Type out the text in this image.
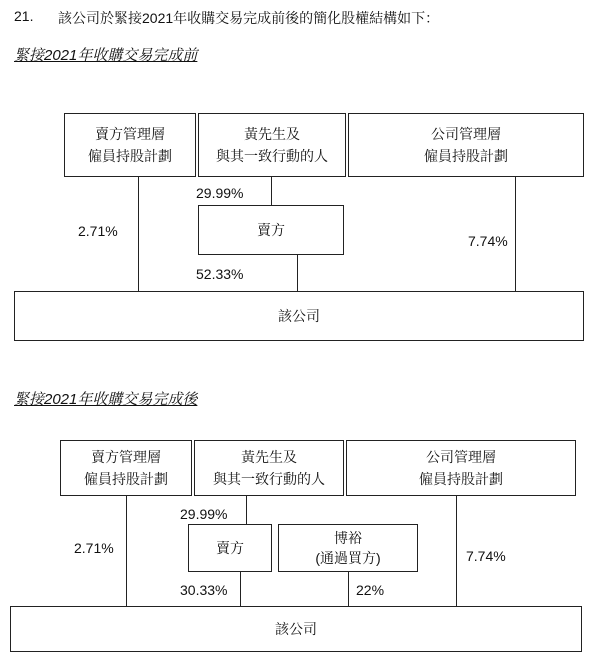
21. 該公司於緊接2021年收購交易完成前後的簡化股權結構如下：
緊接2021年收購交易完成前
賣方管理層
僱員持股計劃
黃先生及
與其一致行動的人
公司管理層
僱員持股計劃
賣方
29.99%
2.71%
7.74%
52.33%
該公司
緊接2021年收購交易完成後
賣方管理層
僱員持股計劃
黃先生及
與其一致行動的人
公司管理層
僱員持股計劃
賣方
博裕
(通過買方)
29.99%
2.71%	7.74%
30.33%	22%
該公司
